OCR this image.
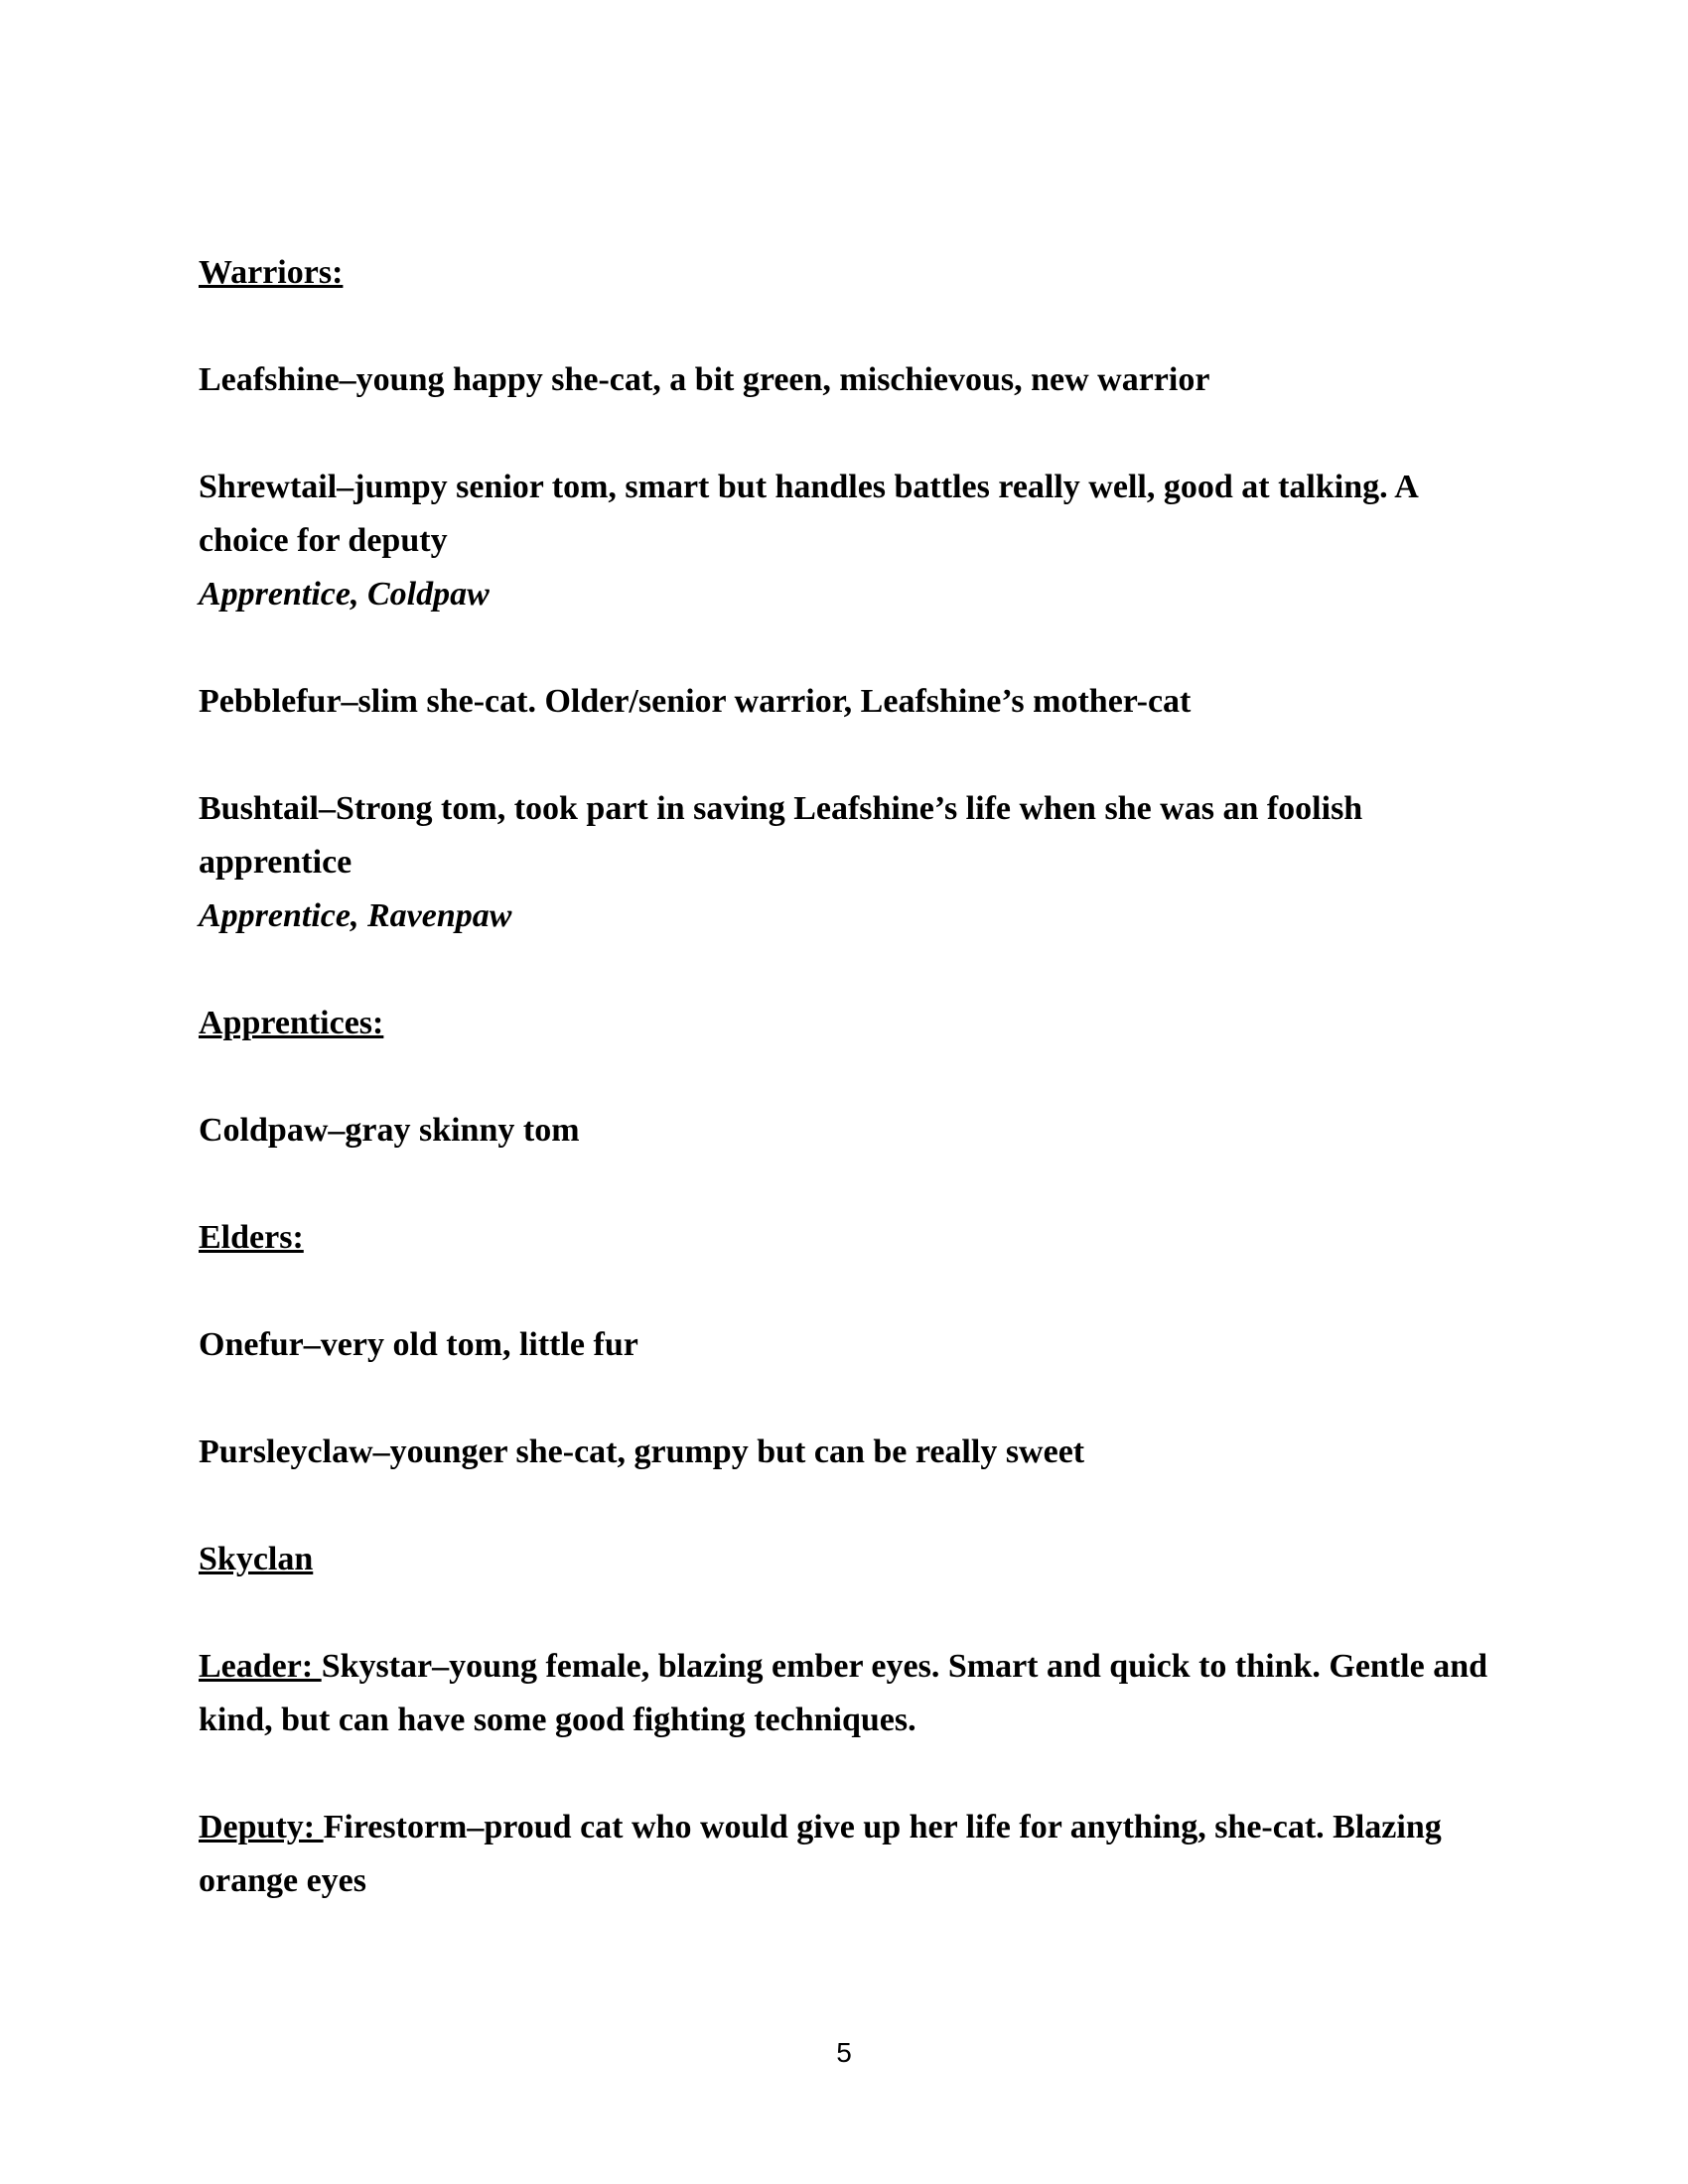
Warriors:

Leafshine–young happy she-cat, a bit green, mischievous, new warrior

Shrewtail–jumpy senior tom, smart but handles battles really well, good at talking. A choice for deputy

Apprentice, Coldpaw

Pebblefur–slim she-cat. Older/senior warrior, Leafshine’s mother-cat

Bushtail–Strong tom, took part in saving Leafshine’s life when she was an foolish apprentice

Apprentice, Ravenpaw

Apprentices:

Coldpaw–gray skinny tom

Elders:

Onefur–very old tom, little fur

Pursleyclaw–younger she-cat, grumpy but can be really sweet

Skyclan

Leader: Skystar–young female, blazing ember eyes. Smart and quick to think. Gentle and kind, but can have some good fighting techniques.

Deputy: Firestorm–proud cat who would give up her life for anything, she-cat. Blazing orange eyes

5
